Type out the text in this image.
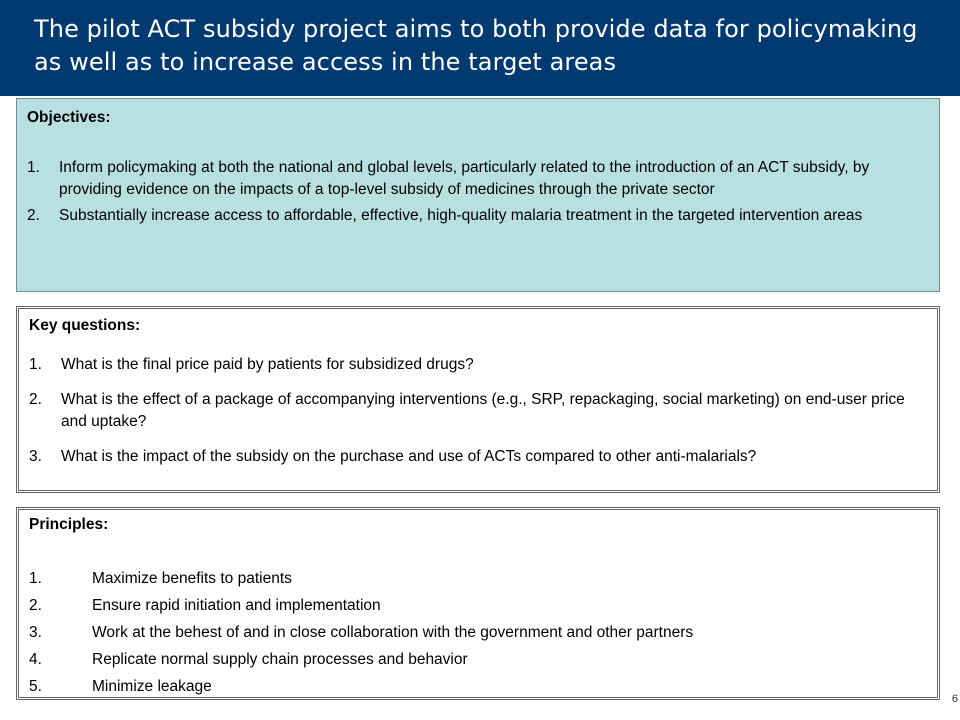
The pilot ACT subsidy project aims to both provide data for policymaking as well as to increase access in the target areas
Objectives:
1. Inform policymaking at both the national and global levels, particularly related to the introduction of an ACT subsidy, by providing evidence on the impacts of a top-level subsidy of medicines through the private sector
2. Substantially increase access to affordable, effective, high-quality malaria treatment in the targeted intervention areas
Key questions:
1. What is the final price paid by patients for subsidized drugs?
2. What is the effect of a package of accompanying interventions (e.g., SRP, repackaging, social marketing) on end-user price and uptake?
3. What is the impact of the subsidy on the purchase and use of ACTs compared to other anti-malarials?
Principles:
1.	Maximize benefits to patients
2.	Ensure rapid initiation and implementation
3.	Work at the behest of and in close collaboration with the government and other partners
4.	Replicate normal supply chain processes and behavior
5.	Minimize leakage
6
